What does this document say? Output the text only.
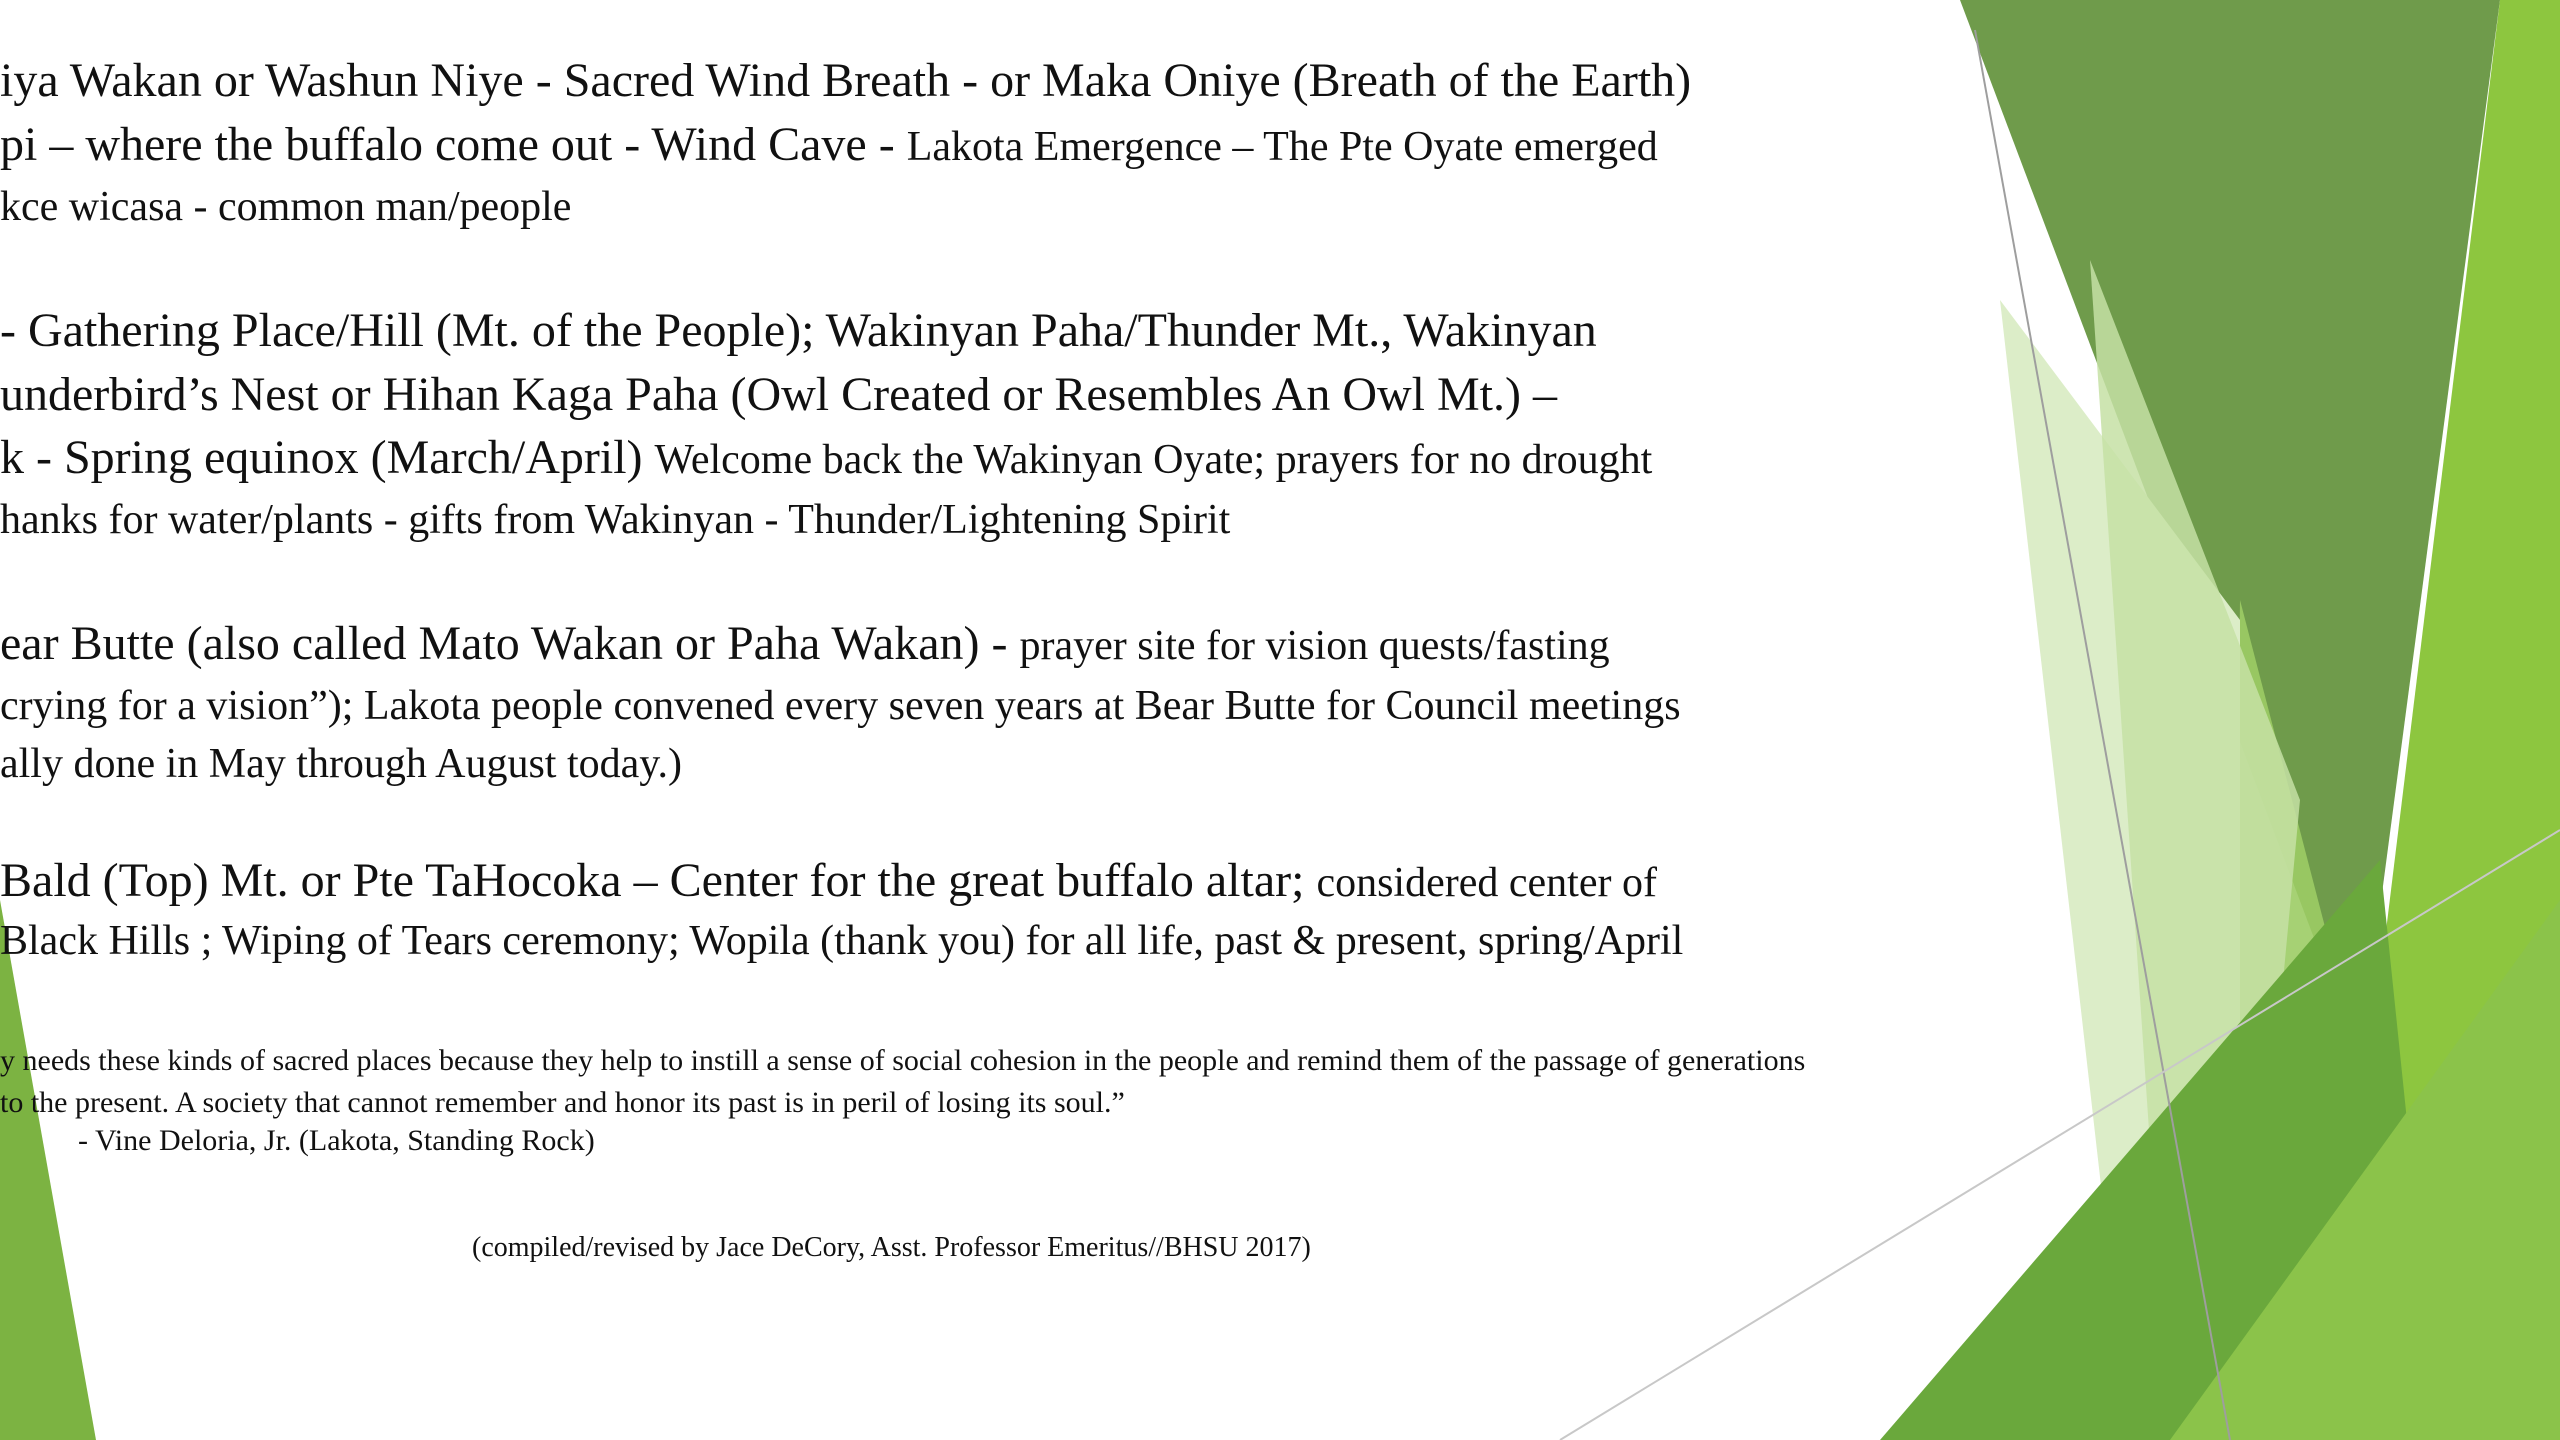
iya Wakan or Washun Niye - Sacred Wind Breath - or Maka Oniye (Breath of the Earth)
pi – where the buffalo come out - Wind Cave - Lakota Emergence – The Pte Oyate emerged
kce wicasa - common man/people
- Gathering Place/Hill (Mt. of the People); Wakinyan Paha/Thunder Mt., Wakinyan
underbird’s Nest or Hihan Kaga Paha (Owl Created or Resembles An Owl Mt.) –
k - Spring equinox (March/April) Welcome back the Wakinyan Oyate; prayers for no drought
hanks for water/plants - gifts from Wakinyan - Thunder/Lightening Spirit
ear Butte (also called Mato Wakan or Paha Wakan) - prayer site for vision quests/fasting
crying for a vision”); Lakota people convened every seven years at Bear Butte for Council meetings
ally done in May through August today.)
Bald (Top) Mt. or Pte TaHocoka – Center for the great buffalo altar; considered center of
Black Hills ; Wiping of Tears ceremony; Wopila (thank you) for all life, past & present, spring/April
y needs these kinds of sacred places because they help to instill a sense of social cohesion in the people and remind them of the passage of generations
to the present. A society that cannot remember and honor its past is in peril of losing its soul.”
- Vine Deloria, Jr. (Lakota, Standing Rock)
(compiled/revised by Jace DeCory, Asst. Professor Emeritus//BHSU 2017)
